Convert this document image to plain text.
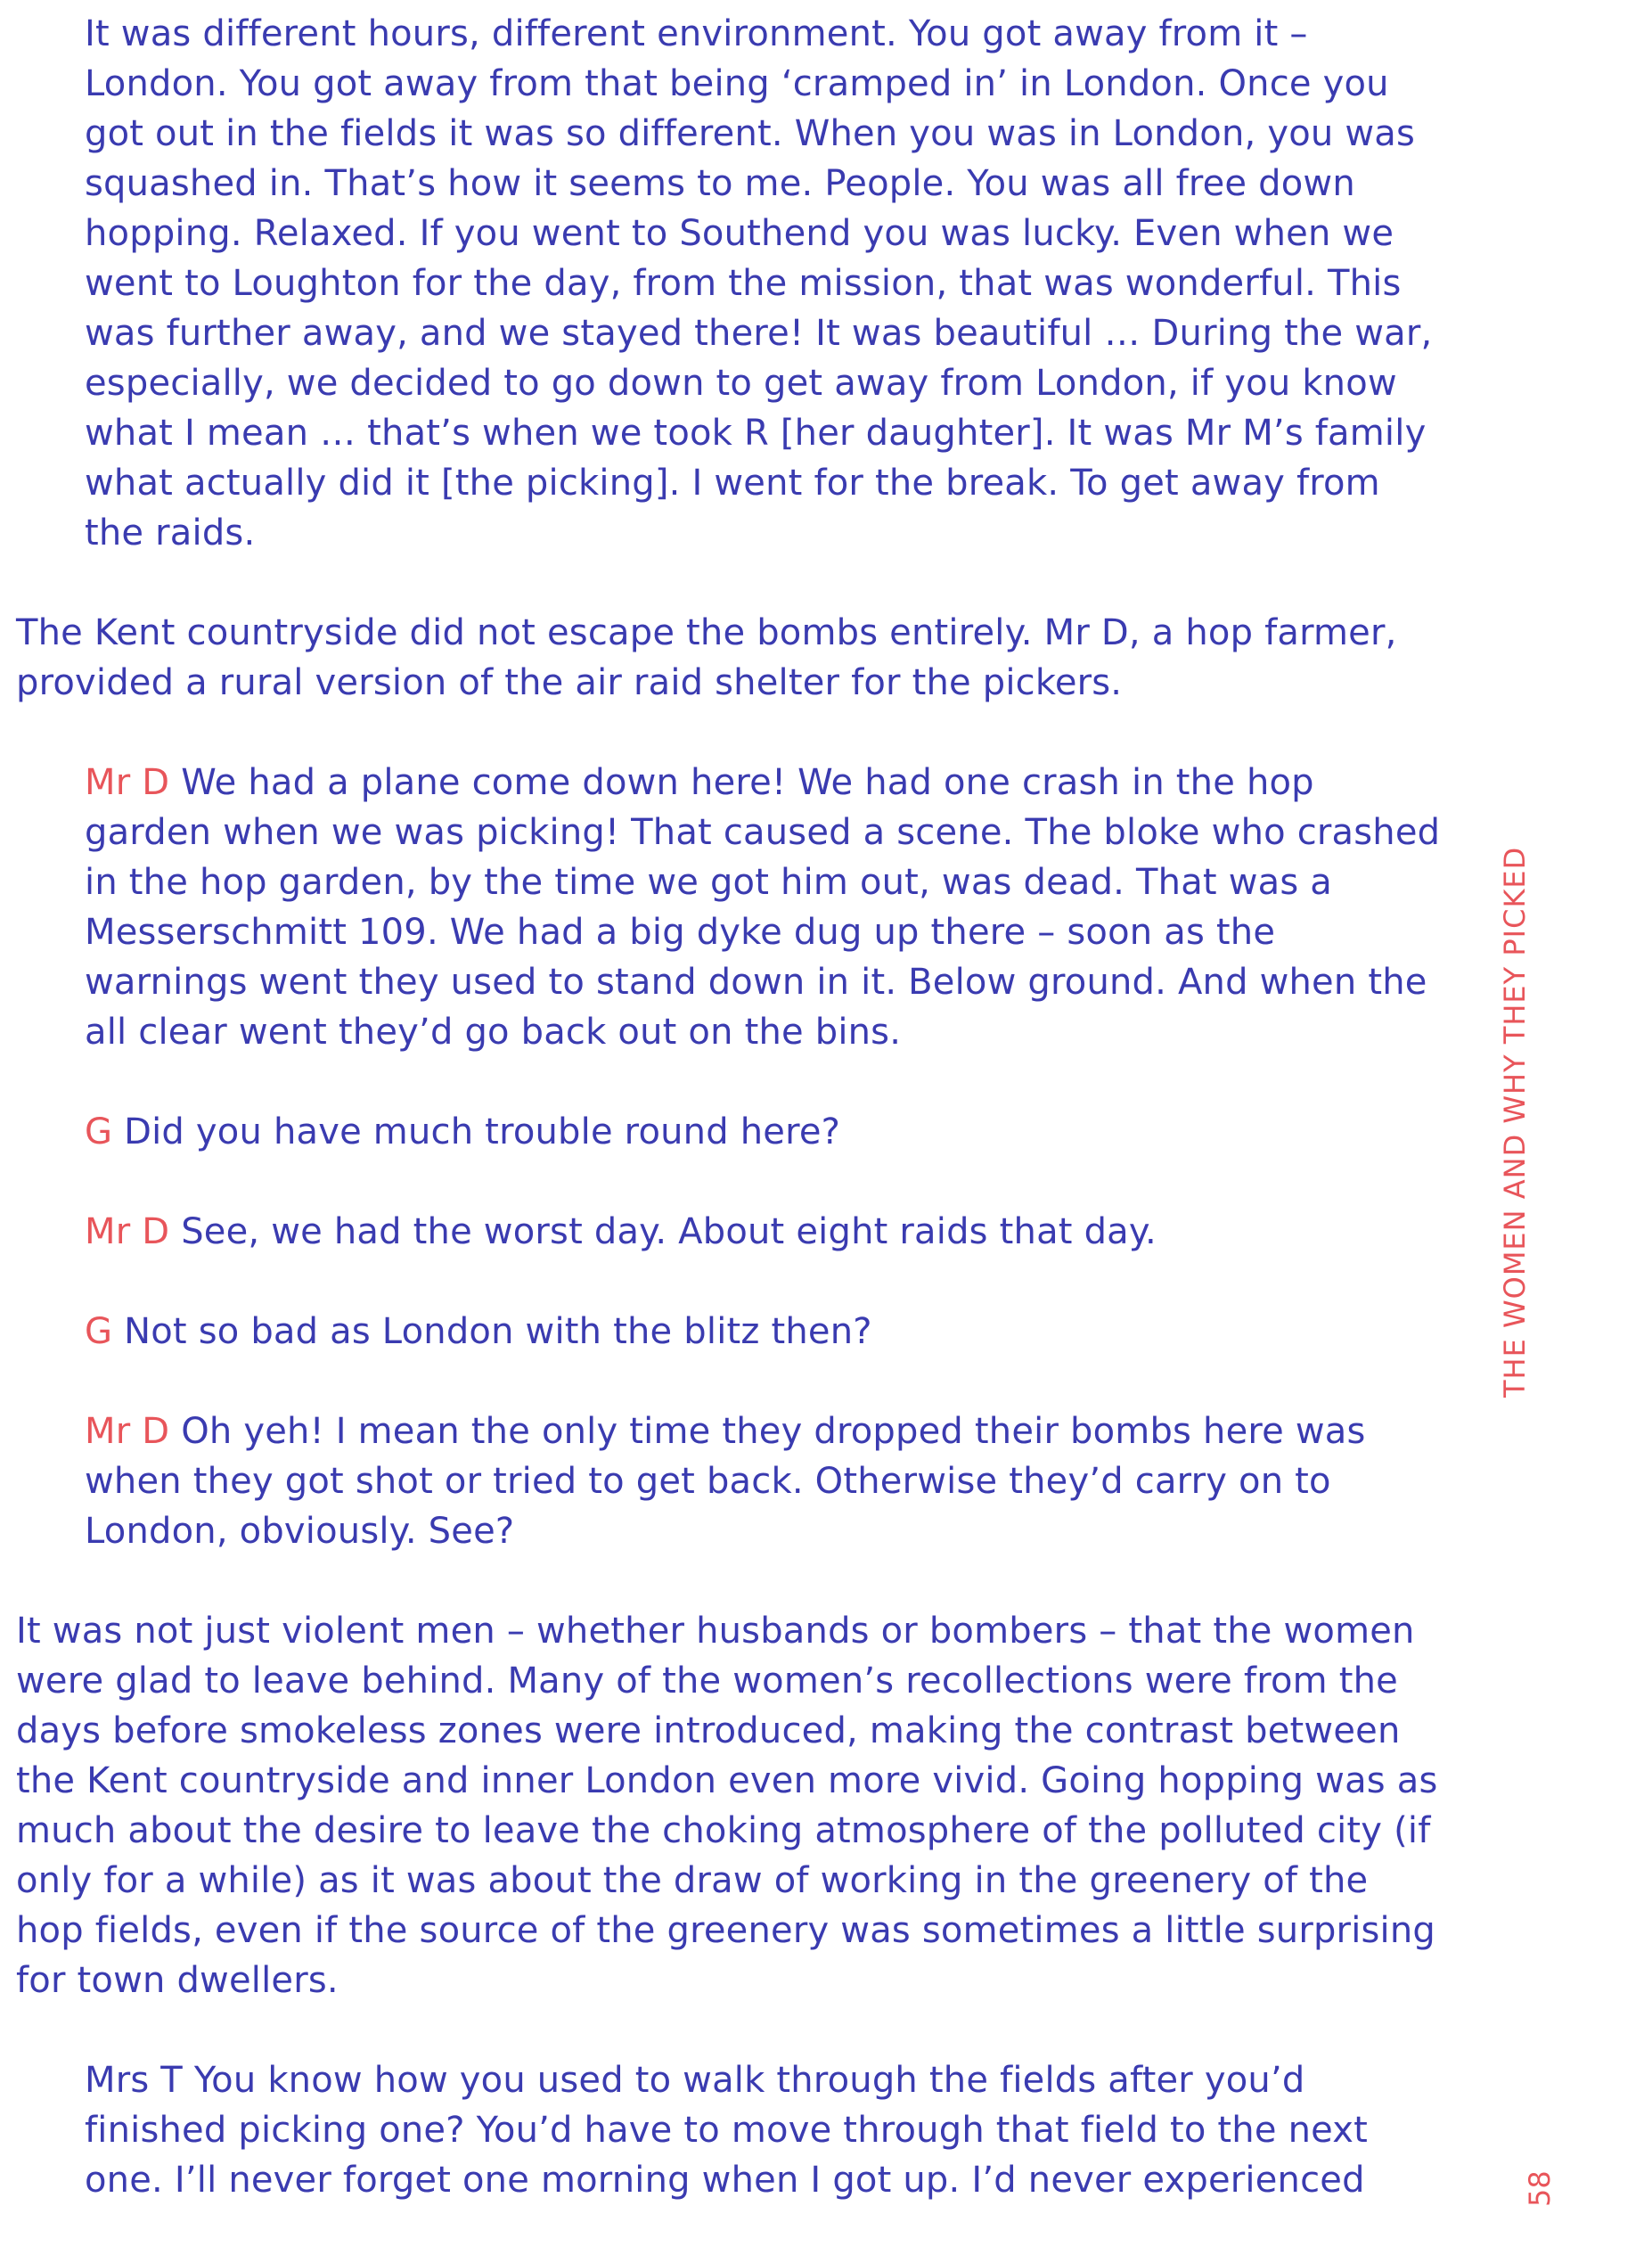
It was different hours, different environment. You got away from it – London. You got away from that being ‘cramped in’ in London. Once you got out in the fields it was so different. When you was in London, you was squashed in. That’s how it seems to me. People. You was all free down hopping. Relaxed. If you went to Southend you was lucky. Even when we went to Loughton for the day, from the mission, that was wonderful. This was further away, and we stayed there! It was beautiful … During the war, especially, we decided to go down to get away from London, if you know what I mean … that’s when we took R [her daughter]. It was Mr M’s family what actually did it [the picking]. I went for the break. To get away from the raids.

The Kent countryside did not escape the bombs entirely. Mr D, a hop farmer, provided a rural version of the air raid shelter for the pickers.

Mr D We had a plane come down here! We had one crash in the hop garden when we was picking! That caused a scene. The bloke who crashed in the hop garden, by the time we got him out, was dead. That was a Messerschmitt 109. We had a big dyke dug up there – soon as the warnings went they used to stand down in it. Below ground. And when the all clear went they’d go back out on the bins.

G Did you have much trouble round here?

Mr D See, we had the worst day. About eight raids that day.

G Not so bad as London with the blitz then?

Mr D Oh yeh! I mean the only time they dropped their bombs here was when they got shot or tried to get back. Otherwise they’d carry on to London, obviously. See?

It was not just violent men – whether husbands or bombers – that the women were glad to leave behind. Many of the women’s recollections were from the days before smokeless zones were introduced, making the contrast between the Kent countryside and inner London even more vivid. Going hopping was as much about the desire to leave the choking atmosphere of the polluted city (if only for a while) as it was about the draw of working in the greenery of the hop fields, even if the source of the greenery was sometimes a little surprising for town dwellers.

Mrs T You know how you used to walk through the fields after you’d finished picking one? You’d have to move through that field to the next one. I’ll never forget one morning when I got up. I’d never experienced

THE WOMEN AND WHY THEY PICKED
58
